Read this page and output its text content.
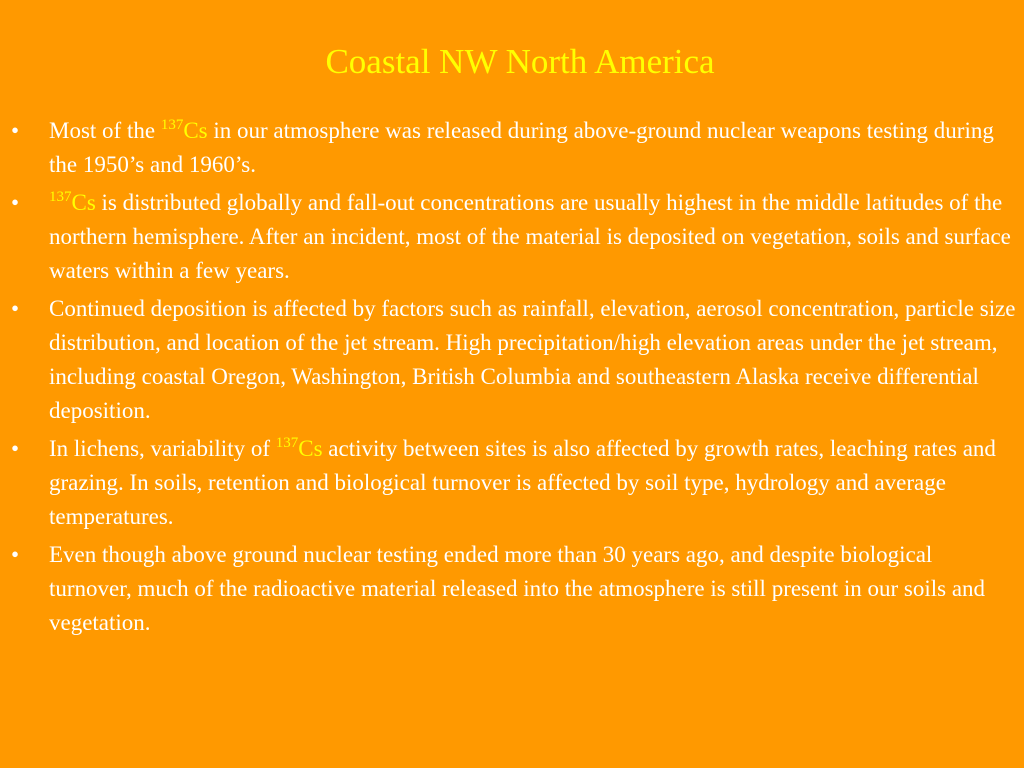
Coastal NW North America
• Most of the $^{137}$Cs in our atmosphere was released during above-ground nuclear weapons testing during the 1950’s and 1960’s.
• $^{137}$Cs is distributed globally and fall-out concentrations are usually highest in the middle latitudes of the northern hemisphere. After an incident, most of the material is deposited on vegetation, soils and surface waters within a few years.
• Continued deposition is affected by factors such as rainfall, elevation, aerosol concentration, particle size distribution, and location of the jet stream. High precipitation/high elevation areas under the jet stream, including coastal Oregon, Washington, British Columbia and southeastern Alaska receive differential deposition.
• In lichens, variability of $^{137}$Cs activity between sites is also affected by growth rates, leaching rates and grazing. In soils, retention and biological turnover is affected by soil type, hydrology and average temperatures.
• Even though above ground nuclear testing ended more than 30 years ago, and despite biological turnover, much of the radioactive material released into the atmosphere is still present in our soils and vegetation.
